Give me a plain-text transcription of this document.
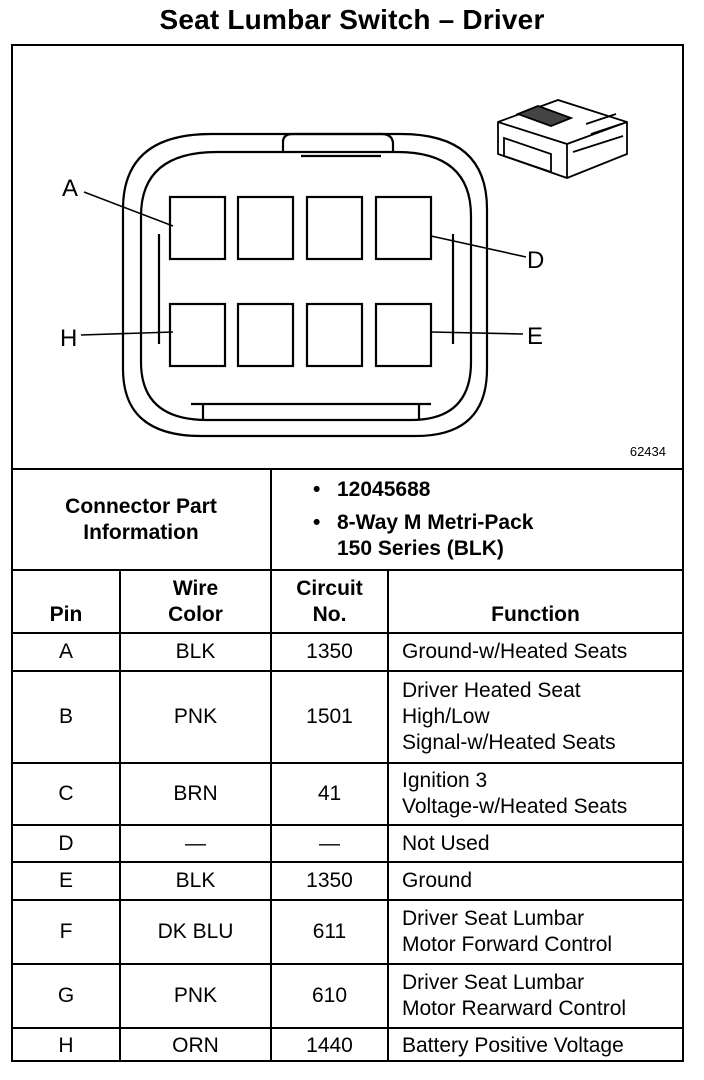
Seat Lumbar Switch – Driver
A
D
H	E
62434
Connector Part
Information
• 12045688
• 8-Way M Metri-Pack
150 Series (BLK)
Pin
Wire
Color
Circuit
No.	Function
A	BLK	1350	Ground-w/Heated Seats
B	PNK	1501
Driver Heated Seat
High/Low
Signal-w/Heated Seats
C	BRN	41
Ignition 3
Voltage-w/Heated Seats
D	—	—	Not Used
E	BLK	1350	Ground
F	DK BLU	611
Driver Seat Lumbar
Motor Forward Control
G	PNK	610
Driver Seat Lumbar
Motor Rearward Control
H	ORN	1440	Battery Positive Voltage
